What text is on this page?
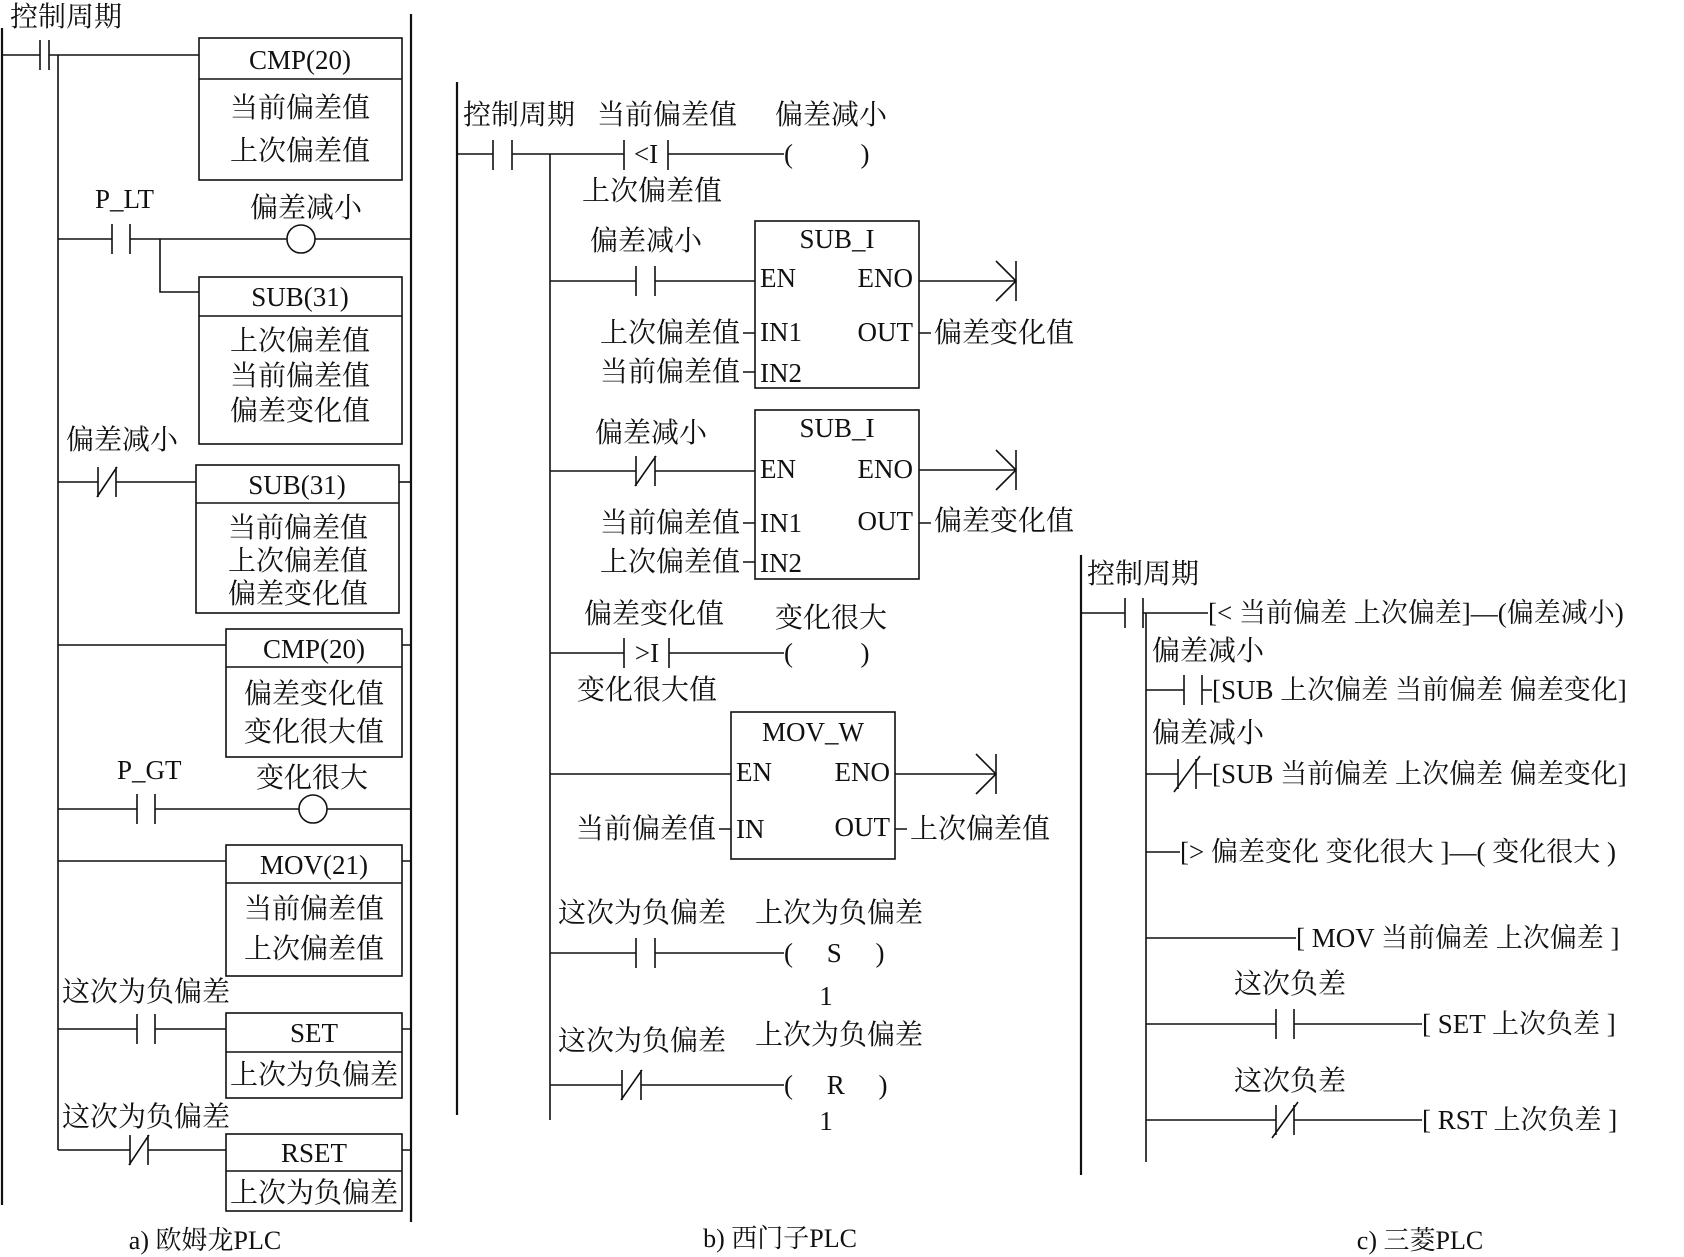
控制周期
CMP(20)
当前偏差值
上次偏差值
P_LT	偏差减小
SUB(31)
上次偏差值
当前偏差值
偏差变化值
偏差减小
SUB(31)
当前偏差值
上次偏差值
偏差变化值
CMP(20)
偏差变化值
变化很大值
P_GT	变化很大
MOV(21)
当前偏差值
上次偏差值
这次为负偏差
SET
上次为负偏差
这次为负偏差
RSET
上次为负偏差
a) 欧姆龙PLC
控制周期 当前偏差值
<I
上次偏差值
偏差减小
(          )
偏差减小	SUB_I
EN ENO
IN1
IN2
OUT
上次偏差值
当前偏差值
偏差变化值
偏差减小	SUB_I
EN ENO
IN1
IN2
OUT
当前偏差值
上次偏差值
偏差变化值
偏差变化值
>I
变化很大值
变化很大
(          )
MOV_W
EN ENO
IN	OUT
当前偏差值	上次偏差值
这次为负偏差 上次为负偏差
(     S     )
1
这次为负偏差 上次为负偏差
(     R     )
1
b) 西门子PLC
控制周期
[< 当前偏差 上次偏差]—(偏差减小)
偏差减小
[SUB 上次偏差 当前偏差 偏差变化]
偏差减小
[SUB 当前偏差 上次偏差 偏差变化]
[> 偏差变化 变化很大 ]—( 变化很大 )
[ MOV 当前偏差 上次偏差 ]
这次负差
[ SET 上次负差 ]
这次负差
[ RST 上次负差 ]
c) 三菱PLC
